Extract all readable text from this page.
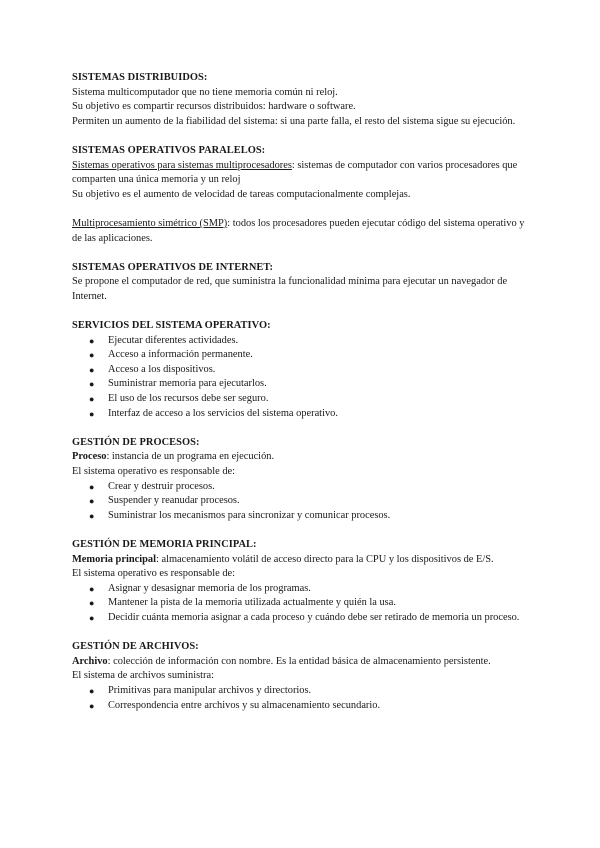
SISTEMAS DISTRIBUIDOS:

Sistema multicomputador que no tiene memoria común ni reloj.

Su objetivo es compartir recursos distribuidos: hardware o software.

Permiten un aumento de la fiabilidad del sistema: si una parte falla, el resto del sistema sigue su ejecución.

SISTEMAS OPERATIVOS PARALELOS:

Sistemas operativos para sistemas multiprocesadores: sistemas de computador con varios procesadores que comparten una única memoria y un reloj

Su objetivo es el aumento de velocidad de tareas computacionalmente complejas.

Multiprocesamiento simétrico (SMP): todos los procesadores pueden ejecutar código del sistema operativo y de las aplicaciones.

SISTEMAS OPERATIVOS DE INTERNET:

Se propone el computador de red, que suministra la funcionalidad mínima para ejecutar un navegador de Internet.

SERVICIOS DEL SISTEMA OPERATIVO:

● Ejecutar diferentes actividades.
● Acceso a información permanente.
● Acceso a los dispositivos.
● Suministrar memoria para ejecutarlos.
● El uso de los recursos debe ser seguro.
● Interfaz de acceso a los servicios del sistema operativo.

GESTIÓN DE PROCESOS:

Proceso: instancia de un programa en ejecución.

El sistema operativo es responsable de:

● Crear y destruir procesos.
● Suspender y reanudar procesos.
● Suministrar los mecanismos para sincronizar y comunicar procesos.

GESTIÓN DE MEMORIA PRINCIPAL:

Memoria principal: almacenamiento volátil de acceso directo para la CPU y los dispositivos de E/S.

El sistema operativo es responsable de:

● Asignar y desasignar memoria de los programas.
● Mantener la pista de la memoria utilizada actualmente y quién la usa.
● Decidir cuánta memoria asignar a cada proceso y cuándo debe ser retirado de memoria un proceso.

GESTIÓN DE ARCHIVOS:

Archivo: colección de información con nombre. Es la entidad básica de almacenamiento persistente.

El sistema de archivos suministra:

● Primitivas para manipular archivos y directorios.
● Correspondencia entre archivos y su almacenamiento secundario.
